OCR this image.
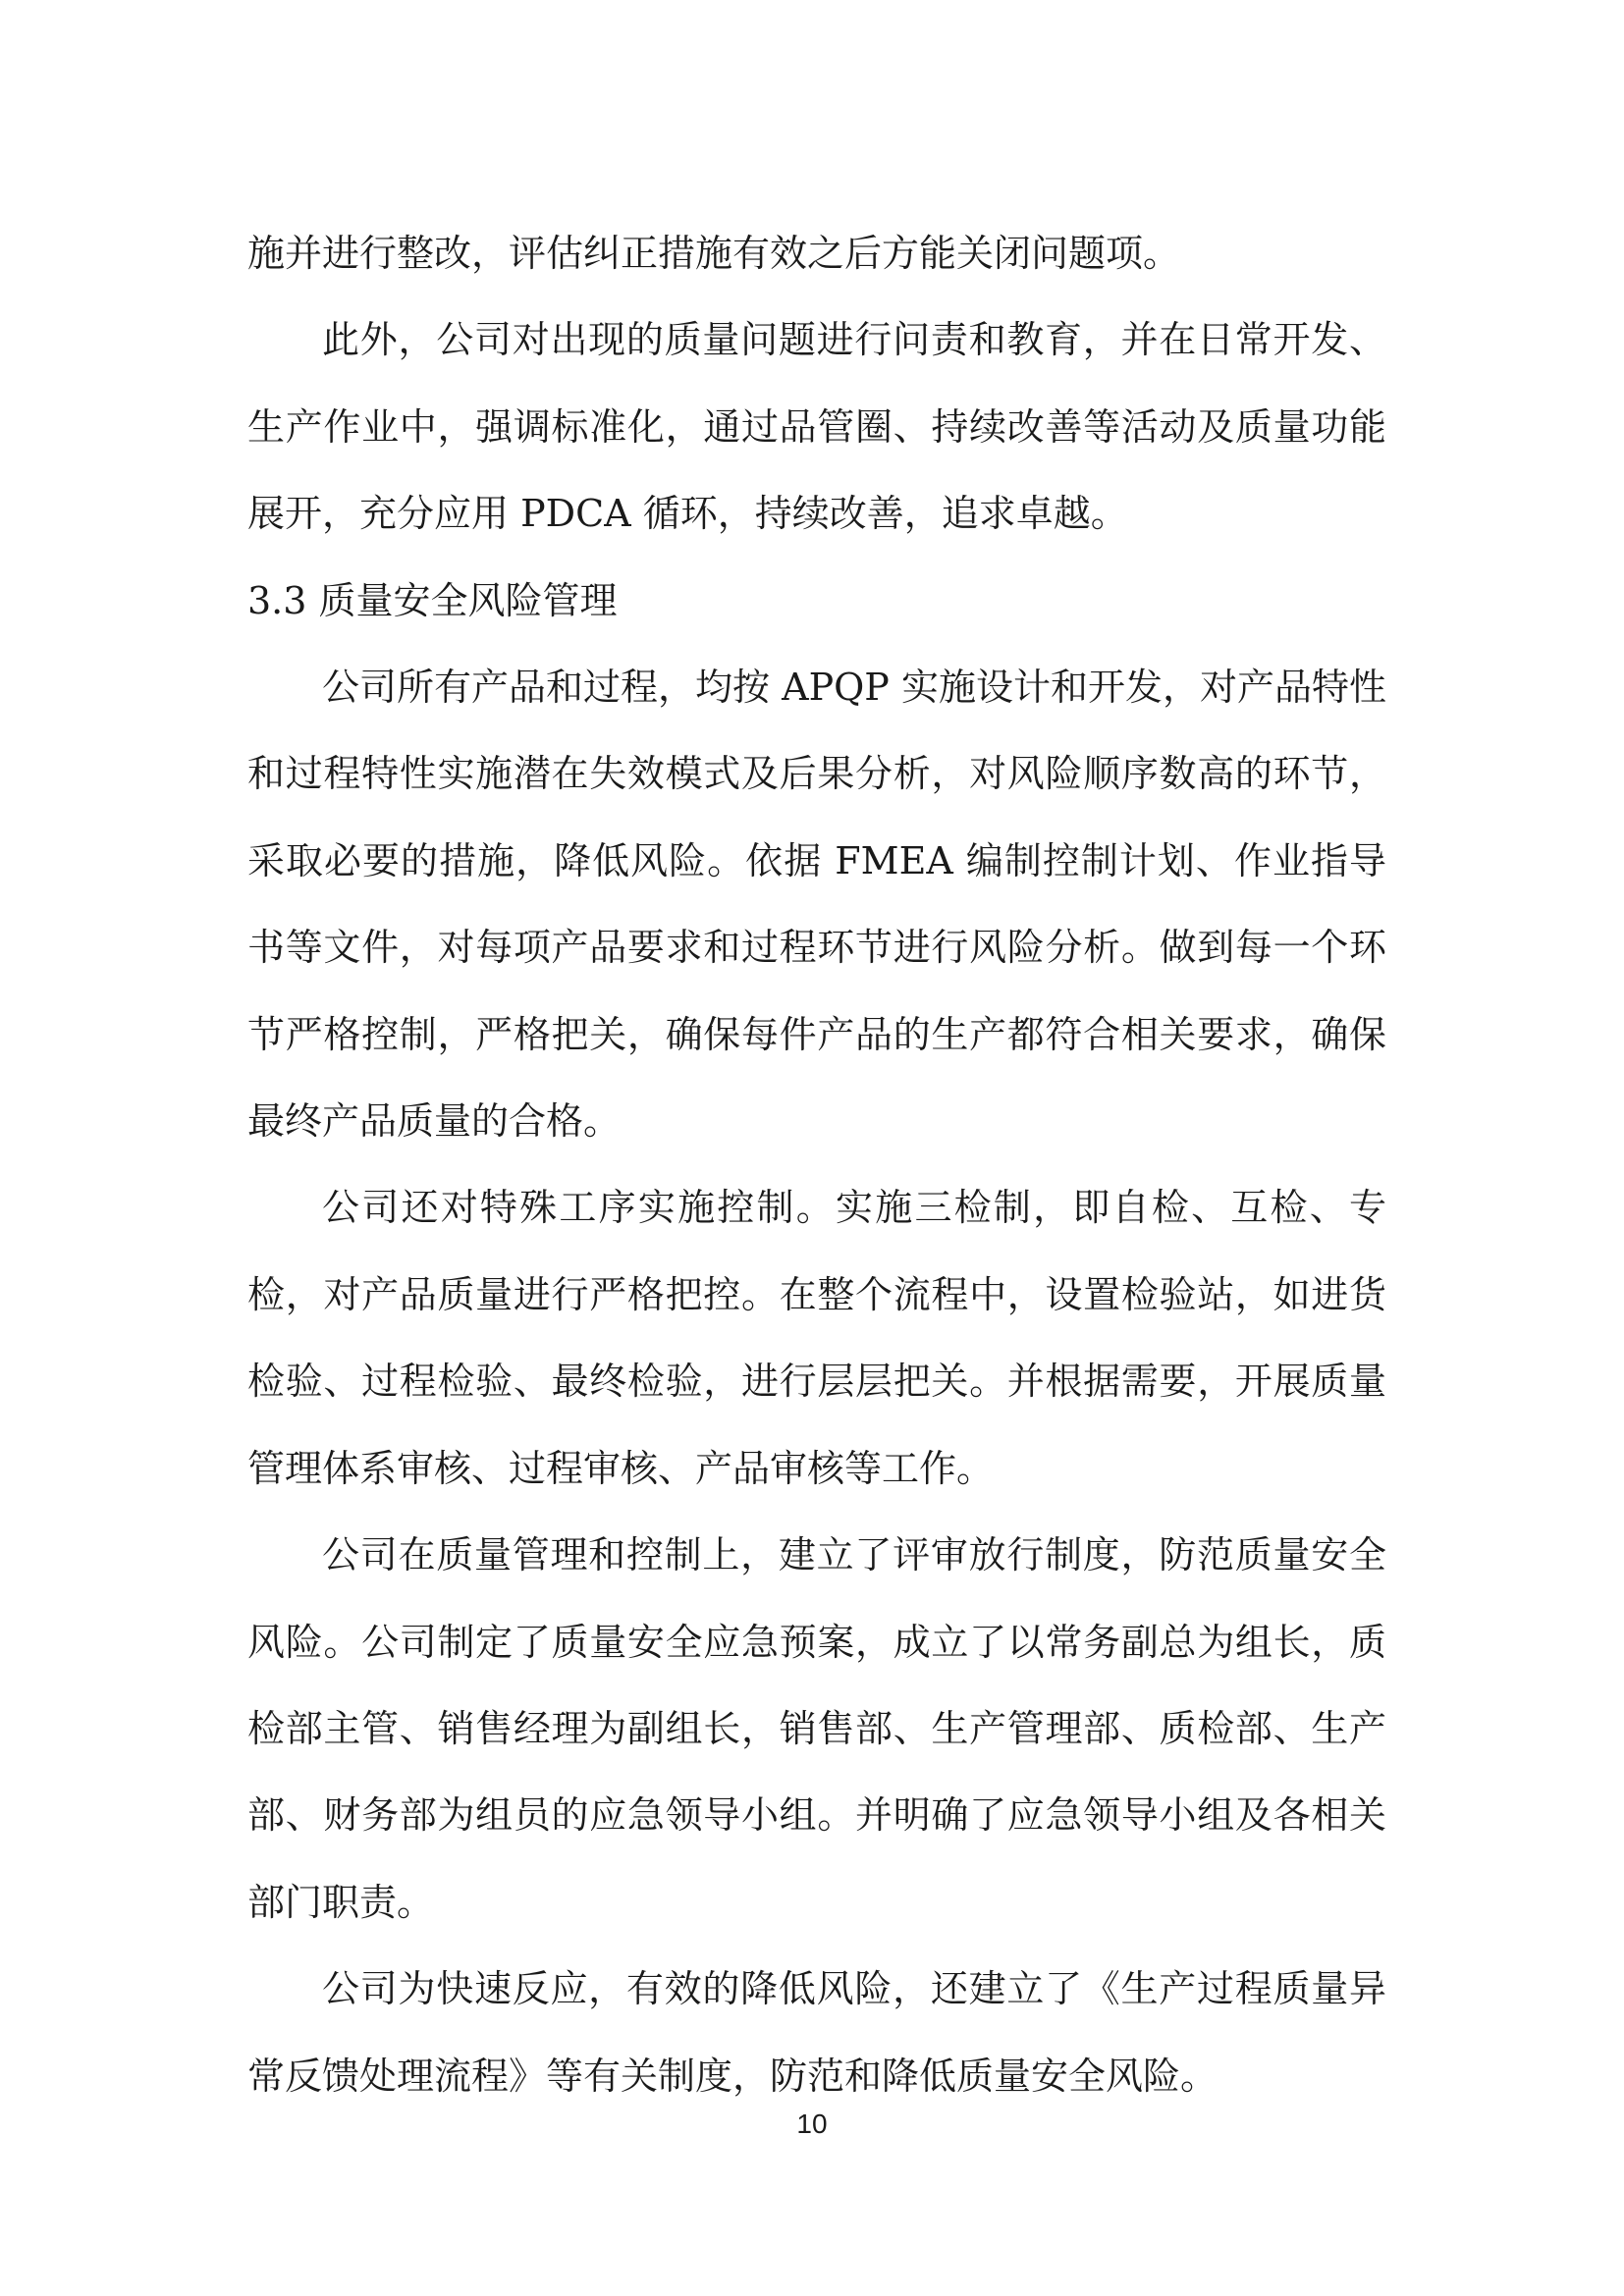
施并进行整改，评估纠正措施有效之后方能关闭问题项。

此外，公司对出现的质量问题进行问责和教育，并在日常开发、生产作业中，强调标准化，通过品管圈、持续改善等活动及质量功能展开，充分应用 PDCA 循环，持续改善，追求卓越。

3.3 质量安全风险管理

公司所有产品和过程，均按 APQP 实施设计和开发，对产品特性和过程特性实施潜在失效模式及后果分析，对风险顺序数高的环节，采取必要的措施，降低风险。依据 FMEA 编制控制计划、作业指导书等文件，对每项产品要求和过程环节进行风险分析。做到每一个环节严格控制，严格把关，确保每件产品的生产都符合相关要求，确保最终产品质量的合格。

公司还对特殊工序实施控制。实施三检制，即自检、互检、专检，对产品质量进行严格把控。在整个流程中，设置检验站，如进货检验、过程检验、最终检验，进行层层把关。并根据需要，开展质量管理体系审核、过程审核、产品审核等工作。

公司在质量管理和控制上，建立了评审放行制度，防范质量安全风险。公司制定了质量安全应急预案，成立了以常务副总为组长，质检部主管、销售经理为副组长，销售部、生产管理部、质检部、生产部、财务部为组员的应急领导小组。并明确了应急领导小组及各相关部门职责。

公司为快速反应，有效的降低风险，还建立了《生产过程质量异常反馈处理流程》等有关制度，防范和降低质量安全风险。

10
